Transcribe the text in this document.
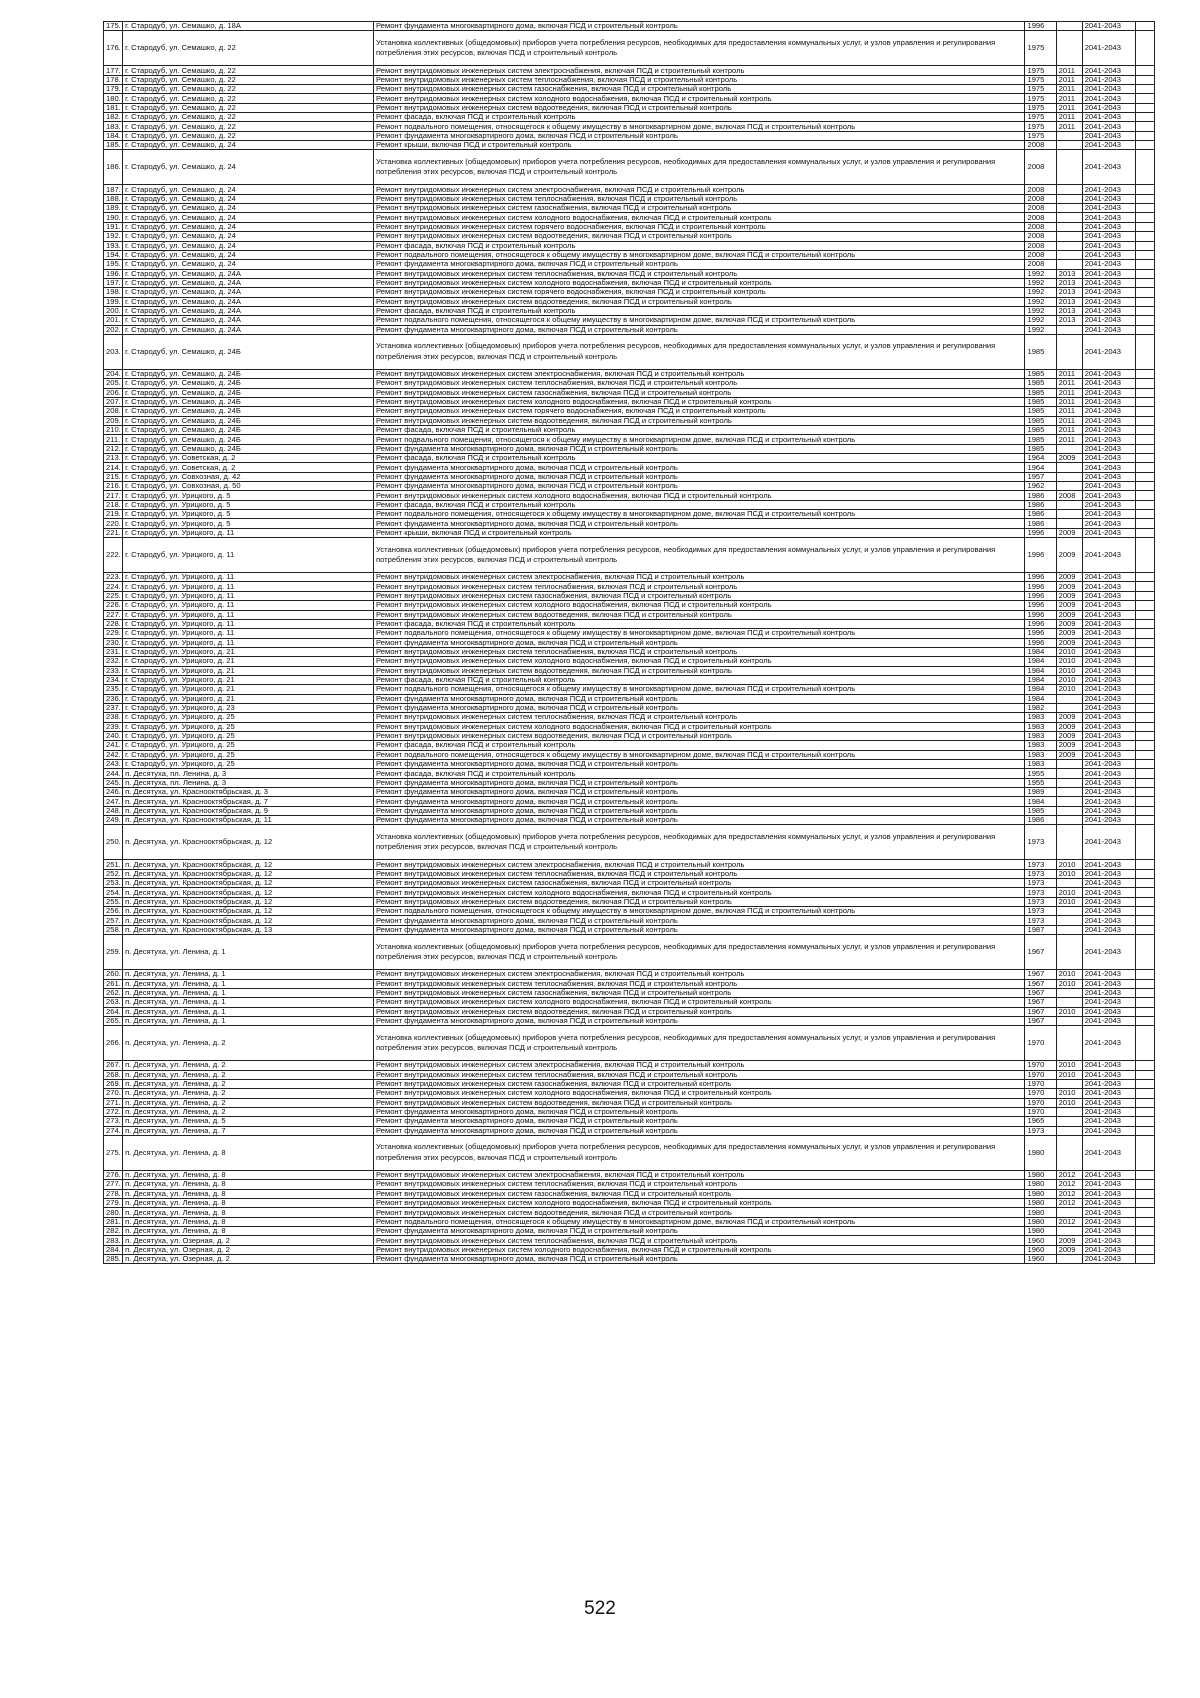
175.	г. Стародуб, ул. Семашко, д. 18А	Ремонт фундамента многоквартирного дома, включая ПСД и строительный контроль	1996		2041-2043	
176.	г. Стародуб, ул. Семашко, д. 22	Установка коллективных (общедомовых) приборов учета потребления ресурсов, необходимых для предоставления коммунальных услуг, и узлов управления и регулирования потребления этих ресурсов, включая ПСД и строительный контроль	1975		2041-2043	
177.	г. Стародуб, ул. Семашко, д. 22	Ремонт внутридомовых инженерных систем электроснабжения, включая ПСД и строительный контроль	1975	2011	2041-2043	
178.	г. Стародуб, ул. Семашко, д. 22	Ремонт внутридомовых инженерных систем теплоснабжения, включая ПСД и строительный контроль	1975	2011	2041-2043	
179.	г. Стародуб, ул. Семашко, д. 22	Ремонт внутридомовых инженерных систем газоснабжения, включая ПСД и строительный контроль	1975	2011	2041-2043	
180.	г. Стародуб, ул. Семашко, д. 22	Ремонт внутридомовых инженерных систем холодного водоснабжения, включая ПСД и строительный контроль	1975	2011	2041-2043	
181.	г. Стародуб, ул. Семашко, д. 22	Ремонт внутридомовых инженерных систем водоотведения, включая ПСД и строительный контроль	1975	2011	2041-2043	
182.	г. Стародуб, ул. Семашко, д. 22	Ремонт фасада, включая ПСД и строительный контроль	1975	2011	2041-2043	
183.	г. Стародуб, ул. Семашко, д. 22	Ремонт подвального помещения, относящегося к общему имуществу в многоквартирном доме, включая ПСД и строительный контроль	1975	2011	2041-2043	
184.	г. Стародуб, ул. Семашко, д. 22	Ремонт фундамента многоквартирного дома, включая ПСД и строительный контроль	1975		2041-2043	
185.	г. Стародуб, ул. Семашко, д. 24	Ремонт крыши, включая ПСД и строительный контроль	2008		2041-2043	
186.	г. Стародуб, ул. Семашко, д. 24	Установка коллективных (общедомовых) приборов учета потребления ресурсов, необходимых для предоставления коммунальных услуг, и узлов управления и регулирования потребления этих ресурсов, включая ПСД и строительный контроль	2008		2041-2043	
187.	г. Стародуб, ул. Семашко, д. 24	Ремонт внутридомовых инженерных систем электроснабжения, включая ПСД и строительный контроль	2008		2041-2043	
188.	г. Стародуб, ул. Семашко, д. 24	Ремонт внутридомовых инженерных систем теплоснабжения, включая ПСД и строительный контроль	2008		2041-2043	
189.	г. Стародуб, ул. Семашко, д. 24	Ремонт внутридомовых инженерных систем газоснабжения, включая ПСД и строительный контроль	2008		2041-2043	
190.	г. Стародуб, ул. Семашко, д. 24	Ремонт внутридомовых инженерных систем холодного водоснабжения, включая ПСД и строительный контроль	2008		2041-2043	
191.	г. Стародуб, ул. Семашко, д. 24	Ремонт внутридомовых инженерных систем горячего водоснабжения, включая ПСД и строительный контроль	2008		2041-2043	
192.	г. Стародуб, ул. Семашко, д. 24	Ремонт внутридомовых инженерных систем водоотведения, включая ПСД и строительный контроль	2008		2041-2043	
193.	г. Стародуб, ул. Семашко, д. 24	Ремонт фасада, включая ПСД и строительный контроль	2008		2041-2043	
194.	г. Стародуб, ул. Семашко, д. 24	Ремонт подвального помещения, относящегося к общему имуществу в многоквартирном доме, включая ПСД и строительный контроль	2008		2041-2043	
195.	г. Стародуб, ул. Семашко, д. 24	Ремонт фундамента многоквартирного дома, включая ПСД и строительный контроль	2008		2041-2043	
196.	г. Стародуб, ул. Семашко, д. 24А	Ремонт внутридомовых инженерных систем теплоснабжения, включая ПСД и строительный контроль	1992	2013	2041-2043	
197.	г. Стародуб, ул. Семашко, д. 24А	Ремонт внутридомовых инженерных систем холодного водоснабжения, включая ПСД и строительный контроль	1992	2013	2041-2043	
198.	г. Стародуб, ул. Семашко, д. 24А	Ремонт внутридомовых инженерных систем горячего водоснабжения, включая ПСД и строительный контроль	1992	2013	2041-2043	
199.	г. Стародуб, ул. Семашко, д. 24А	Ремонт внутридомовых инженерных систем водоотведения, включая ПСД и строительный контроль	1992	2013	2041-2043	
200.	г. Стародуб, ул. Семашко, д. 24А	Ремонт фасада, включая ПСД и строительный контроль	1992	2013	2041-2043	
201.	г. Стародуб, ул. Семашко, д. 24А	Ремонт подвального помещения, относящегося к общему имуществу в многоквартирном доме, включая ПСД и строительный контроль	1992	2013	2041-2043	
202.	г. Стародуб, ул. Семашко, д. 24А	Ремонт фундамента многоквартирного дома, включая ПСД и строительный контроль	1992		2041-2043	
203.	г. Стародуб, ул. Семашко, д. 24Б	Установка коллективных (общедомовых) приборов учета потребления ресурсов, необходимых для предоставления коммунальных услуг, и узлов управления и регулирования потребления этих ресурсов, включая ПСД и строительный контроль	1985		2041-2043	
204.	г. Стародуб, ул. Семашко, д. 24Б	Ремонт внутридомовых инженерных систем электроснабжения, включая ПСД и строительный контроль	1985	2011	2041-2043	
205.	г. Стародуб, ул. Семашко, д. 24Б	Ремонт внутридомовых инженерных систем теплоснабжения, включая ПСД и строительный контроль	1985	2011	2041-2043	
206.	г. Стародуб, ул. Семашко, д. 24Б	Ремонт внутридомовых инженерных систем газоснабжения, включая ПСД и строительный контроль	1985	2011	2041-2043	
207.	г. Стародуб, ул. Семашко, д. 24Б	Ремонт внутридомовых инженерных систем холодного водоснабжения, включая ПСД и строительный контроль	1985	2011	2041-2043	
208.	г. Стародуб, ул. Семашко, д. 24Б	Ремонт внутридомовых инженерных систем горячего водоснабжения, включая ПСД и строительный контроль	1985	2011	2041-2043	
209.	г. Стародуб, ул. Семашко, д. 24Б	Ремонт внутридомовых инженерных систем водоотведения, включая ПСД и строительный контроль	1985	2011	2041-2043	
210.	г. Стародуб, ул. Семашко, д. 24Б	Ремонт фасада, включая ПСД и строительный контроль	1985	2011	2041-2043	
211.	г. Стародуб, ул. Семашко, д. 24Б	Ремонт подвального помещения, относящегося к общему имуществу в многоквартирном доме, включая ПСД и строительный контроль	1985	2011	2041-2043	
212.	г. Стародуб, ул. Семашко, д. 24Б	Ремонт фундамента многоквартирного дома, включая ПСД и строительный контроль	1985		2041-2043	
213.	г. Стародуб, ул. Советская, д. 2	Ремонт фасада, включая ПСД и строительный контроль	1964	2009	2041-2043	
214.	г. Стародуб, ул. Советская, д. 2	Ремонт фундамента многоквартирного дома, включая ПСД и строительный контроль	1964		2041-2043	
215.	г. Стародуб, ул. Совхозная, д. 42	Ремонт фундамента многоквартирного дома, включая ПСД и строительный контроль	1957		2041-2043	
216.	г. Стародуб, ул. Совхозная, д. 50	Ремонт фундамента многоквартирного дома, включая ПСД и строительный контроль	1962		2041-2043	
217.	г. Стародуб, ул. Урицкого, д. 5	Ремонт внутридомовых инженерных систем холодного водоснабжения, включая ПСД и строительный контроль	1986	2008	2041-2043	
218.	г. Стародуб, ул. Урицкого, д. 5	Ремонт фасада, включая ПСД и строительный контроль	1986		2041-2043	
219.	г. Стародуб, ул. Урицкого, д. 5	Ремонт подвального помещения, относящегося к общему имуществу в многоквартирном доме, включая ПСД и строительный контроль	1986		2041-2043	
220.	г. Стародуб, ул. Урицкого, д. 5	Ремонт фундамента многоквартирного дома, включая ПСД и строительный контроль	1986		2041-2043	
221.	г. Стародуб, ул. Урицкого, д. 11	Ремонт крыши, включая ПСД и строительный контроль	1996	2009	2041-2043	
222.	г. Стародуб, ул. Урицкого, д. 11	Установка коллективных (общедомовых) приборов учета потребления ресурсов, необходимых для предоставления коммунальных услуг, и узлов управления и регулирования потребления этих ресурсов, включая ПСД и строительный контроль	1996	2009	2041-2043	
223.	г. Стародуб, ул. Урицкого, д. 11	Ремонт внутридомовых инженерных систем электроснабжения, включая ПСД и строительный контроль	1996	2009	2041-2043	
224.	г. Стародуб, ул. Урицкого, д. 11	Ремонт внутридомовых инженерных систем теплоснабжения, включая ПСД и строительный контроль	1996	2009	2041-2043	
225.	г. Стародуб, ул. Урицкого, д. 11	Ремонт внутридомовых инженерных систем газоснабжения, включая ПСД и строительный контроль	1996	2009	2041-2043	
226.	г. Стародуб, ул. Урицкого, д. 11	Ремонт внутридомовых инженерных систем холодного водоснабжения, включая ПСД и строительный контроль	1996	2009	2041-2043	
227.	г. Стародуб, ул. Урицкого, д. 11	Ремонт внутридомовых инженерных систем водоотведения, включая ПСД и строительный контроль	1996	2009	2041-2043	
228.	г. Стародуб, ул. Урицкого, д. 11	Ремонт фасада, включая ПСД и строительный контроль	1996	2009	2041-2043	
229.	г. Стародуб, ул. Урицкого, д. 11	Ремонт подвального помещения, относящегося к общему имуществу в многоквартирном доме, включая ПСД и строительный контроль	1996	2009	2041-2043	
230.	г. Стародуб, ул. Урицкого, д. 11	Ремонт фундамента многоквартирного дома, включая ПСД и строительный контроль	1996	2009	2041-2043	
231.	г. Стародуб, ул. Урицкого, д. 21	Ремонт внутридомовых инженерных систем теплоснабжения, включая ПСД и строительный контроль	1984	2010	2041-2043	
232.	г. Стародуб, ул. Урицкого, д. 21	Ремонт внутридомовых инженерных систем холодного водоснабжения, включая ПСД и строительный контроль	1984	2010	2041-2043	
233.	г. Стародуб, ул. Урицкого, д. 21	Ремонт внутридомовых инженерных систем водоотведения, включая ПСД и строительный контроль	1984	2010	2041-2043	
234.	г. Стародуб, ул. Урицкого, д. 21	Ремонт фасада, включая ПСД и строительный контроль	1984	2010	2041-2043	
235.	г. Стародуб, ул. Урицкого, д. 21	Ремонт подвального помещения, относящегося к общему имуществу в многоквартирном доме, включая ПСД и строительный контроль	1984	2010	2041-2043	
236.	г. Стародуб, ул. Урицкого, д. 21	Ремонт фундамента многоквартирного дома, включая ПСД и строительный контроль	1984		2041-2043	
237.	г. Стародуб, ул. Урицкого, д. 23	Ремонт фундамента многоквартирного дома, включая ПСД и строительный контроль	1982		2041-2043	
238.	г. Стародуб, ул. Урицкого, д. 25	Ремонт внутридомовых инженерных систем теплоснабжения, включая ПСД и строительный контроль	1983	2009	2041-2043	
239.	г. Стародуб, ул. Урицкого, д. 25	Ремонт внутридомовых инженерных систем холодного водоснабжения, включая ПСД и строительный контроль	1983	2009	2041-2043	
240.	г. Стародуб, ул. Урицкого, д. 25	Ремонт внутридомовых инженерных систем водоотведения, включая ПСД и строительный контроль	1983	2009	2041-2043	
241.	г. Стародуб, ул. Урицкого, д. 25	Ремонт фасада, включая ПСД и строительный контроль	1983	2009	2041-2043	
242.	г. Стародуб, ул. Урицкого, д. 25	Ремонт подвального помещения, относящегося к общему имуществу в многоквартирном доме, включая ПСД и строительный контроль	1983	2009	2041-2043	
243.	г. Стародуб, ул. Урицкого, д. 25	Ремонт фундамента многоквартирного дома, включая ПСД и строительный контроль	1983		2041-2043	
244.	п. Десятуха, пл. Ленина, д. 3	Ремонт фасада, включая ПСД и строительный контроль	1955		2041-2043	
245.	п. Десятуха, пл. Ленина, д. 3	Ремонт фундамента многоквартирного дома, включая ПСД и строительный контроль	1955		2041-2043	
246.	п. Десятуха, ул. Краснооктябрьская, д. 3	Ремонт фундамента многоквартирного дома, включая ПСД и строительный контроль	1989		2041-2043	
247.	п. Десятуха, ул. Краснооктябрьская, д. 7	Ремонт фундамента многоквартирного дома, включая ПСД и строительный контроль	1984		2041-2043	
248.	п. Десятуха, ул. Краснооктябрьская, д. 9	Ремонт фундамента многоквартирного дома, включая ПСД и строительный контроль	1985		2041-2043	
249.	п. Десятуха, ул. Краснооктябрьская, д. 11	Ремонт фундамента многоквартирного дома, включая ПСД и строительный контроль	1986		2041-2043	
250.	п. Десятуха, ул. Краснооктябрьская, д. 12	Установка коллективных (общедомовых) приборов учета потребления ресурсов, необходимых для предоставления коммунальных услуг, и узлов управления и регулирования потребления этих ресурсов, включая ПСД и строительный контроль	1973		2041-2043	
251.	п. Десятуха, ул. Краснооктябрьская, д. 12	Ремонт внутридомовых инженерных систем электроснабжения, включая ПСД и строительный контроль	1973	2010	2041-2043	
252.	п. Десятуха, ул. Краснооктябрьская, д. 12	Ремонт внутридомовых инженерных систем теплоснабжения, включая ПСД и строительный контроль	1973	2010	2041-2043	
253.	п. Десятуха, ул. Краснооктябрьская, д. 12	Ремонт внутридомовых инженерных систем газоснабжения, включая ПСД и строительный контроль	1973		2041-2043	
254.	п. Десятуха, ул. Краснооктябрьская, д. 12	Ремонт внутридомовых инженерных систем холодного водоснабжения, включая ПСД и строительный контроль	1973	2010	2041-2043	
255.	п. Десятуха, ул. Краснооктябрьская, д. 12	Ремонт внутридомовых инженерных систем водоотведения, включая ПСД и строительный контроль	1973	2010	2041-2043	
256.	п. Десятуха, ул. Краснооктябрьская, д. 12	Ремонт подвального помещения, относящегося к общему имуществу в многоквартирном доме, включая ПСД и строительный контроль	1973		2041-2043	
257.	п. Десятуха, ул. Краснооктябрьская, д. 12	Ремонт фундамента многоквартирного дома, включая ПСД и строительный контроль	1973		2041-2043	
258.	п. Десятуха, ул. Краснооктябрьская, д. 13	Ремонт фундамента многоквартирного дома, включая ПСД и строительный контроль	1987		2041-2043	
259.	п. Десятуха, ул. Ленина, д. 1	Установка коллективных (общедомовых) приборов учета потребления ресурсов, необходимых для предоставления коммунальных услуг, и узлов управления и регулирования потребления этих ресурсов, включая ПСД и строительный контроль	1967		2041-2043	
260.	п. Десятуха, ул. Ленина, д. 1	Ремонт внутридомовых инженерных систем электроснабжения, включая ПСД и строительный контроль	1967	2010	2041-2043	
261.	п. Десятуха, ул. Ленина, д. 1	Ремонт внутридомовых инженерных систем теплоснабжения, включая ПСД и строительный контроль	1967	2010	2041-2043	
262.	п. Десятуха, ул. Ленина, д. 1	Ремонт внутридомовых инженерных систем газоснабжения, включая ПСД и строительный контроль	1967		2041-2043	
263.	п. Десятуха, ул. Ленина, д. 1	Ремонт внутридомовых инженерных систем холодного водоснабжения, включая ПСД и строительный контроль	1967		2041-2043	
264.	п. Десятуха, ул. Ленина, д. 1	Ремонт внутридомовых инженерных систем водоотведения, включая ПСД и строительный контроль	1967	2010	2041-2043	
265.	п. Десятуха, ул. Ленина, д. 1	Ремонт фундамента многоквартирного дома, включая ПСД и строительный контроль	1967		2041-2043	
266.	п. Десятуха, ул. Ленина, д. 2	Установка коллективных (общедомовых) приборов учета потребления ресурсов, необходимых для предоставления коммунальных услуг, и узлов управления и регулирования потребления этих ресурсов, включая ПСД и строительный контроль	1970		2041-2043	
267.	п. Десятуха, ул. Ленина, д. 2	Ремонт внутридомовых инженерных систем электроснабжения, включая ПСД и строительный контроль	1970	2010	2041-2043	
268.	п. Десятуха, ул. Ленина, д. 2	Ремонт внутридомовых инженерных систем теплоснабжения, включая ПСД и строительный контроль	1970	2010	2041-2043	
269.	п. Десятуха, ул. Ленина, д. 2	Ремонт внутридомовых инженерных систем газоснабжения, включая ПСД и строительный контроль	1970		2041-2043	
270.	п. Десятуха, ул. Ленина, д. 2	Ремонт внутридомовых инженерных систем холодного водоснабжения, включая ПСД и строительный контроль	1970	2010	2041-2043	
271.	п. Десятуха, ул. Ленина, д. 2	Ремонт внутридомовых инженерных систем водоотведения, включая ПСД и строительный контроль	1970	2010	2041-2043	
272.	п. Десятуха, ул. Ленина, д. 2	Ремонт фундамента многоквартирного дома, включая ПСД и строительный контроль	1970		2041-2043	
273.	п. Десятуха, ул. Ленина, д. 5	Ремонт фундамента многоквартирного дома, включая ПСД и строительный контроль	1965		2041-2043	
274.	п. Десятуха, ул. Ленина, д. 7	Ремонт фундамента многоквартирного дома, включая ПСД и строительный контроль	1973		2041-2043	
275.	п. Десятуха, ул. Ленина, д. 8	Установка коллективных (общедомовых) приборов учета потребления ресурсов, необходимых для предоставления коммунальных услуг, и узлов управления и регулирования потребления этих ресурсов, включая ПСД и строительный контроль	1980		2041-2043	
276.	п. Десятуха, ул. Ленина, д. 8	Ремонт внутридомовых инженерных систем электроснабжения, включая ПСД и строительный контроль	1980	2012	2041-2043	
277.	п. Десятуха, ул. Ленина, д. 8	Ремонт внутридомовых инженерных систем теплоснабжения, включая ПСД и строительный контроль	1980	2012	2041-2043	
278.	п. Десятуха, ул. Ленина, д. 8	Ремонт внутридомовых инженерных систем газоснабжения, включая ПСД и строительный контроль	1980	2012	2041-2043	
279.	п. Десятуха, ул. Ленина, д. 8	Ремонт внутридомовых инженерных систем холодного водоснабжения, включая ПСД и строительный контроль	1980	2012	2041-2043	
280.	п. Десятуха, ул. Ленина, д. 8	Ремонт внутридомовых инженерных систем водоотведения, включая ПСД и строительный контроль	1980		2041-2043	
281.	п. Десятуха, ул. Ленина, д. 8	Ремонт подвального помещения, относящегося к общему имуществу в многоквартирном доме, включая ПСД и строительный контроль	1980	2012	2041-2043	
282.	п. Десятуха, ул. Ленина, д. 8	Ремонт фундамента многоквартирного дома, включая ПСД и строительный контроль	1980		2041-2043	
283.	п. Десятуха, ул. Озерная, д. 2	Ремонт внутридомовых инженерных систем теплоснабжения, включая ПСД и строительный контроль	1960	2009	2041-2043	
284.	п. Десятуха, ул. Озерная, д. 2	Ремонт внутридомовых инженерных систем холодного водоснабжения, включая ПСД и строительный контроль	1960	2009	2041-2043	
285.	п. Десятуха, ул. Озерная, д. 2	Ремонт фундамента многоквартирного дома, включая ПСД и строительный контроль	1960		2041-2043	
522
